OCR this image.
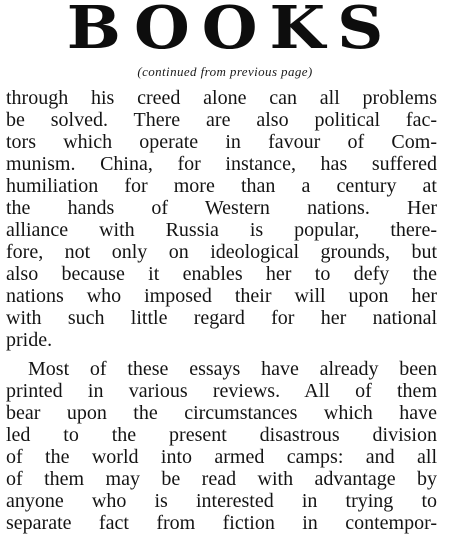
BOOKS
(continued from previous page)
through his creed alone can all problems
be solved. There are also political fac-
tors which operate in favour of Com-
munism. China, for instance, has suffered
humiliation for more than a century at
the hands of Western nations. Her
alliance with Russia is popular, there-
fore, not only on ideological grounds, but
also because it enables her to defy the
nations who imposed their will upon her
with such little regard for her national
pride.
Most of these essays have already been
printed in various reviews. All of them
bear upon the circumstances which have
led to the present disastrous division
of the world into armed camps: and all
of them may be read with advantage by
anyone who is interested in trying to
separate fact from fiction in contempor-
